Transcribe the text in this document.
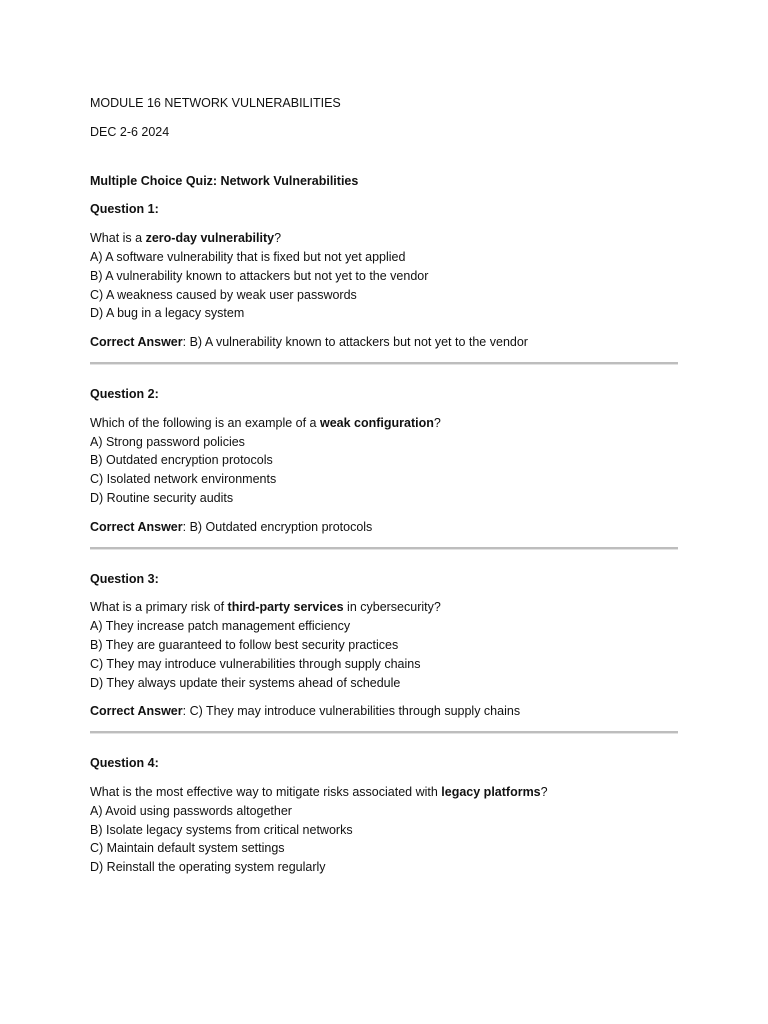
MODULE 16 NETWORK VULNERABILITIES
DEC 2-6 2024
Multiple Choice Quiz: Network Vulnerabilities
Question 1:
What is a zero-day vulnerability?
A) A software vulnerability that is fixed but not yet applied
B) A vulnerability known to attackers but not yet to the vendor
C) A weakness caused by weak user passwords
D) A bug in a legacy system
Correct Answer: B) A vulnerability known to attackers but not yet to the vendor
Question 2:
Which of the following is an example of a weak configuration?
A) Strong password policies
B) Outdated encryption protocols
C) Isolated network environments
D) Routine security audits
Correct Answer: B) Outdated encryption protocols
Question 3:
What is a primary risk of third-party services in cybersecurity?
A) They increase patch management efficiency
B) They are guaranteed to follow best security practices
C) They may introduce vulnerabilities through supply chains
D) They always update their systems ahead of schedule
Correct Answer: C) They may introduce vulnerabilities through supply chains
Question 4:
What is the most effective way to mitigate risks associated with legacy platforms?
A) Avoid using passwords altogether
B) Isolate legacy systems from critical networks
C) Maintain default system settings
D) Reinstall the operating system regularly
